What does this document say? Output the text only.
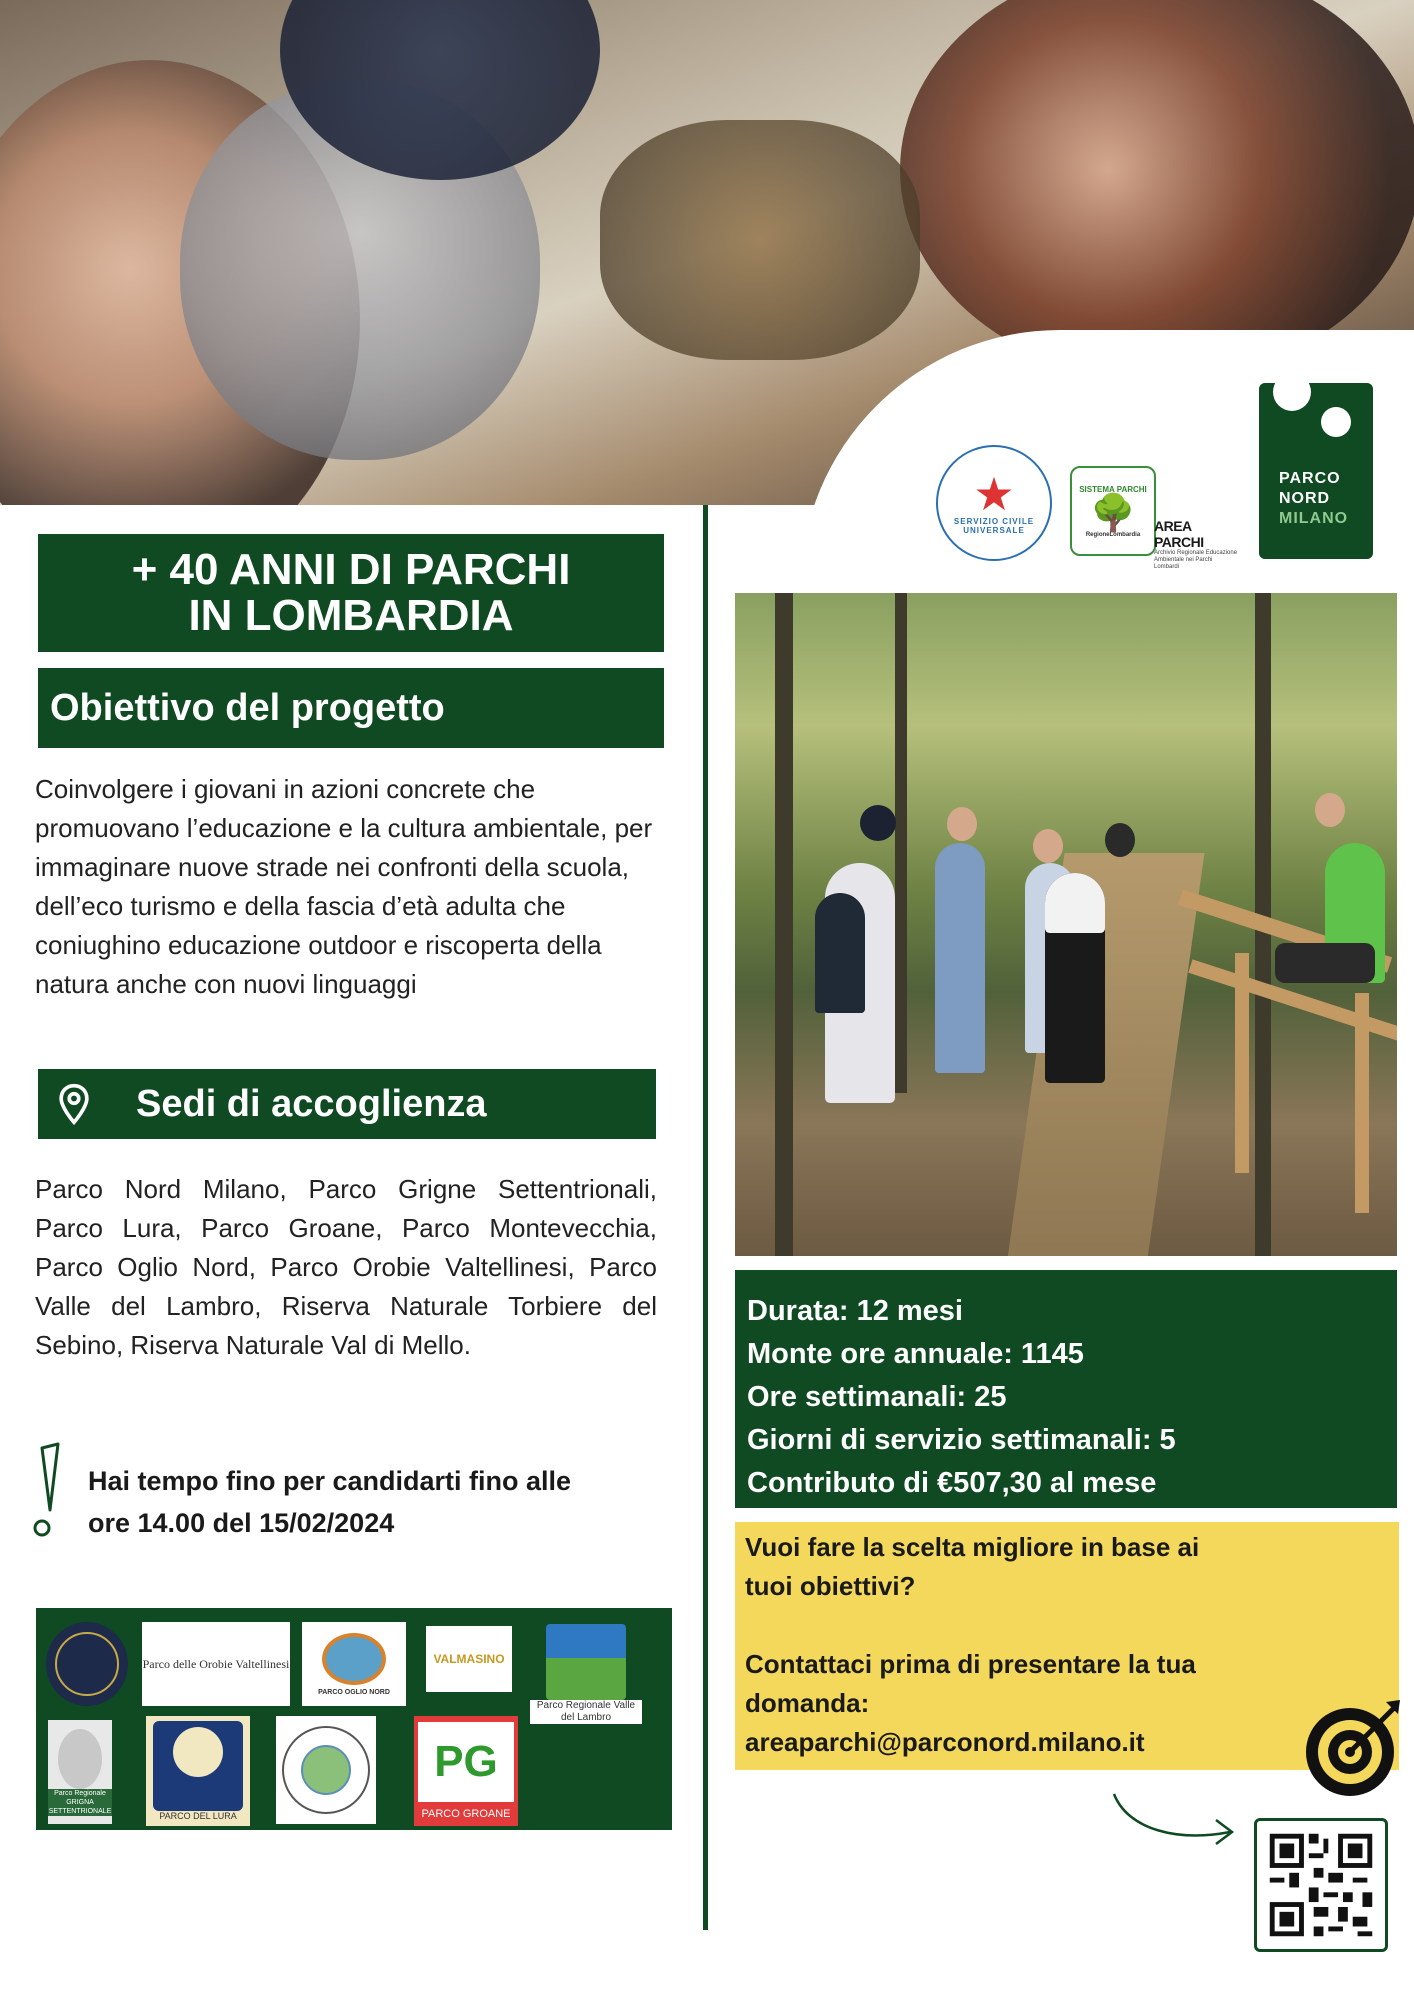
★
SERVIZIO CIVILE UNIVERSALE
SISTEMA PARCHI
🌳
RegioneLombardia
AREA PARCHI
Archivio Regionale Educazione Ambientale nei Parchi Lombardi
PARCO
NORD
MILANO
+ 40 ANNI DI PARCHI
IN LOMBARDIA
Obiettivo del progetto
Coinvolgere i giovani in azioni concrete che promuovano l’educazione e la cultura ambientale, per immaginare nuove strade nei confronti della scuola, dell’eco turismo e della fascia d’età adulta che coniughino educazione outdoor e riscoperta della natura anche con nuovi linguaggi
Sedi di accoglienza
Parco Nord Milano, Parco Grigne Settentrionali, Parco Lura, Parco Groane, Parco Montevecchia, Parco Oglio Nord, Parco Orobie Valtellinesi, Parco Valle del Lambro, Riserva Naturale Torbiere del Sebino, Riserva Naturale Val di Mello.
Hai tempo fino per candidarti fino alle
ore 14.00 del 15/02/2024
Parco delle Orobie Valtellinesi
PARCO OGLIO NORD
VALMASINO
Parco Regionale Valle del Lambro
Parco Regionale GRIGNA SETTENTRIONALE	PARCO DEL LURA
PG
PARCO GROANE
Durata: 12 mesi
Monte ore annuale: 1145
Ore settimanali: 25
Giorni di servizio settimanali: 5
Contributo di €507,30 al mese
Vuoi fare la scelta migliore in base ai
tuoi obiettivi?
Contattaci prima di presentare la tua
domanda:
areaparchi@parconord.milano.it
